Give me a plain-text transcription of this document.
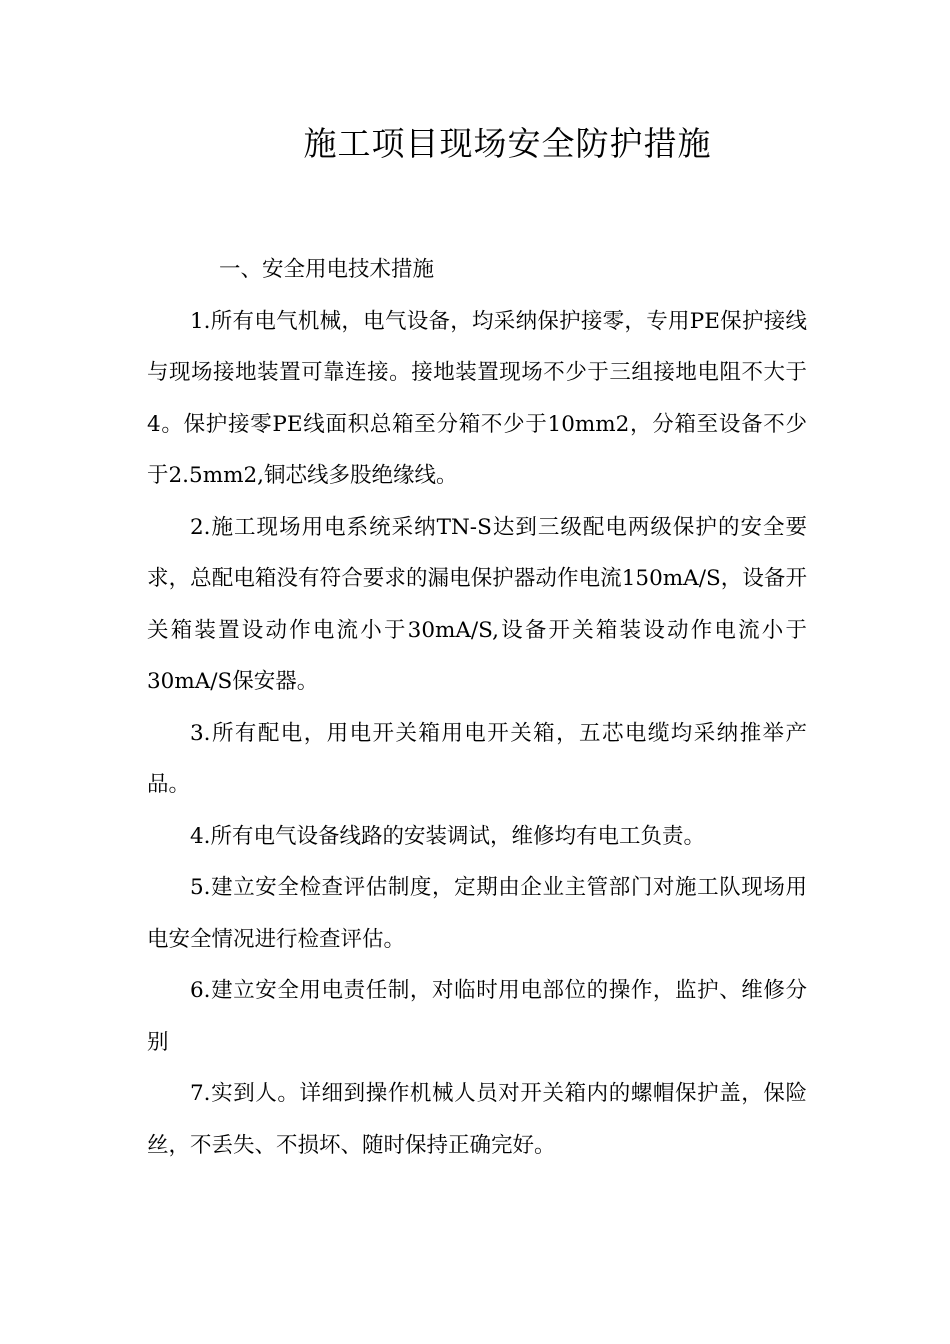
施工项目现场安全防护措施

一、安全用电技术措施

1.所有电气机械，电气设备，均采纳保护接零，专用PE保护接线与现场接地装置可靠连接。接地装置现场不少于三组接地电阻不大于4。保护接零PE线面积总箱至分箱不少于10mm2，分箱至设备不少于2.5mm2,铜芯线多股绝缘线。

2.施工现场用电系统采纳TN-S达到三级配电两级保护的安全要求，总配电箱没有符合要求的漏电保护器动作电流150mA/S，设备开关箱装置设动作电流小于30mA/S,设备开关箱装设动作电流小于30mA/S保安器。

3.所有配电，用电开关箱用电开关箱，五芯电缆均采纳推举产品。

4.所有电气设备线路的安装调试，维修均有电工负责。

5.建立安全检查评估制度，定期由企业主管部门对施工队现场用电安全情况进行检查评估。

6.建立安全用电责任制，对临时用电部位的操作，监护、维修分别

7.实到人。详细到操作机械人员对开关箱内的螺帽保护盖，保险丝，不丢失、不损坏、随时保持正确完好。
